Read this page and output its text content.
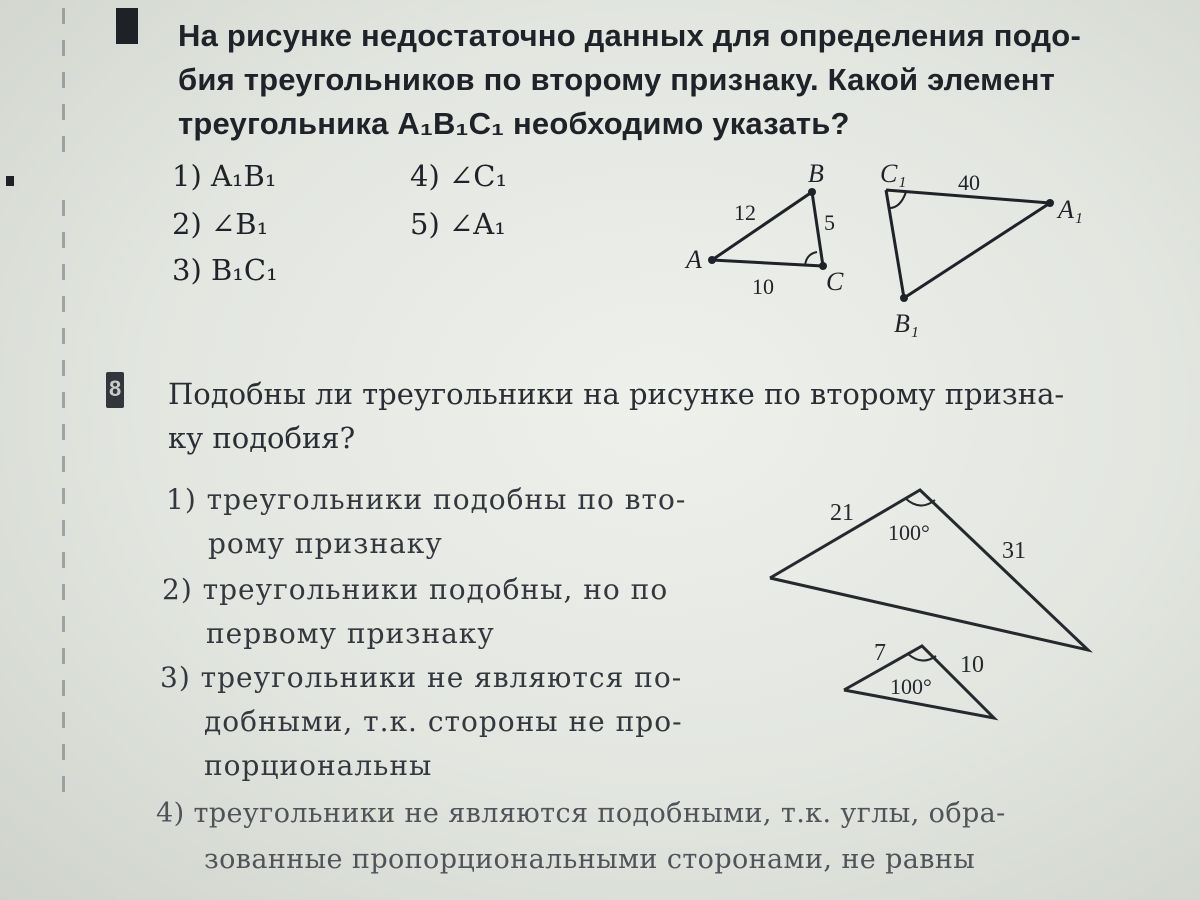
На рисунке недостаточно данных для определения подо-
бия треугольников по второму признаку. Какой элемент
треугольника A₁B₁C₁ необходимо указать?
1) A₁B₁
2) ∠B₁
3) B₁C₁
4) ∠C₁
5) ∠A₁
A
B
C
12	5
10
C₁
A₁
B₁
40
8 Подобны ли треугольники на рисунке по второму призна-
ку подобия?
1) треугольники подобны по вто-
рому признаку
2) треугольники подобны, но по
первому признаку
3) треугольники не являются по-
добными, т.к. стороны не про-
порциональны
4) треугольники не являются подобными, т.к. углы, обра-
зованные пропорциональными сторонами, не равны
21
31
100°
7	10
100°
